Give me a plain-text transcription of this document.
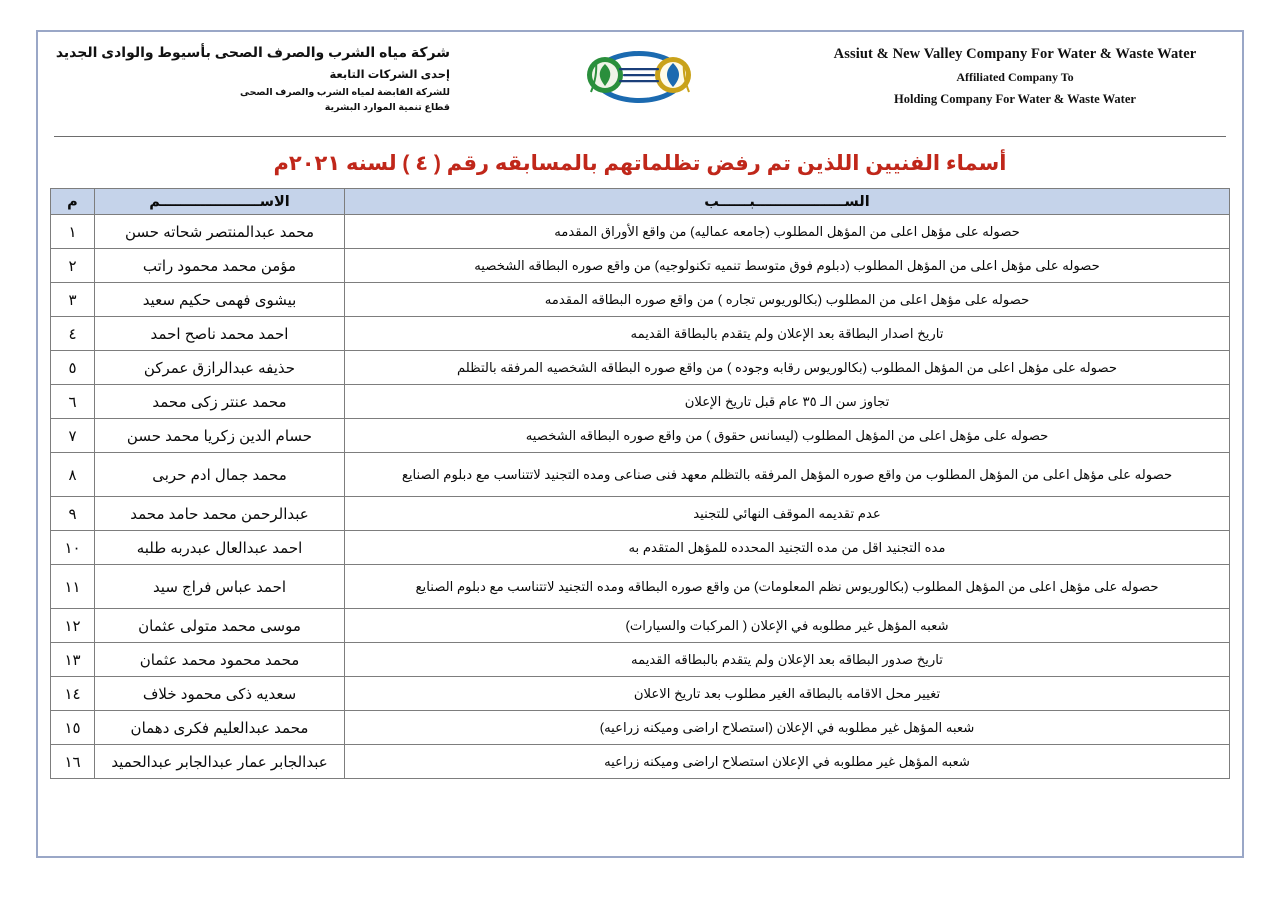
Assiut & New Valley Company For Water & Waste Water
Affiliated Company To
Holding Company For Water & Waste Water
شركة مياه الشرب والصرف الصحى بأسيوط والوادى الجديد
إحدى الشركات التابعة
للشركة القابضة لمياه الشرب والصرف الصحى
قطاع تنمية الموارد البشرية
أسماء الفنيين اللذين تم رفض تظلماتهم بالمسابقه رقم ( ٤ ) لسنه ٢٠٢١م
الســــــــــــــــــبــــــب	الاســــــــــــــــــــم	م
حصوله على مؤهل اعلى من المؤهل المطلوب (جامعه عماليه) من واقع الأوراق المقدمه	محمد عبدالمنتصر شحاته حسن	١
حصوله على مؤهل اعلى من المؤهل المطلوب (دبلوم فوق متوسط تنميه تكنولوجيه) من واقع صوره البطاقه الشخصيه	مؤمن محمد محمود راتب	٢
حصوله على مؤهل اعلى من المطلوب (بكالوريوس تجاره ) من واقع صوره البطاقه المقدمه	بيشوى فهمى حكيم سعيد	٣
تاريخ اصدار البطاقة بعد الإعلان ولم يتقدم بالبطاقة القديمه	احمد محمد ناصح احمد	٤
حصوله على مؤهل اعلى من المؤهل المطلوب (بكالوريوس رقابه وجوده ) من واقع صوره البطاقه الشخصيه المرفقه بالتظلم	حذيفه عبدالرازق عمركن	٥
تجاوز سن الـ ٣٥ عام قبل تاريخ الإعلان	محمد عنتر زكى محمد	٦
حصوله على مؤهل اعلى من المؤهل المطلوب (ليسانس حقوق ) من واقع صوره البطاقه الشخصيه	حسام الدين زكريا محمد حسن	٧
حصوله على مؤهل اعلى من المؤهل المطلوب من واقع صوره المؤهل المرفقه بالتظلم معهد فنى صناعى ومده التجنيد لاتتناسب مع دبلوم الصنايع	محمد جمال ادم حربى	٨
عدم تقديمه الموقف النهائي للتجنيد	عبدالرحمن محمد حامد محمد	٩
مده التجنيد اقل من مده التجنيد المحدده للمؤهل المتقدم به	احمد عبدالعال عبدربه طلبه	١٠
حصوله على مؤهل اعلى من المؤهل المطلوب (بكالوريوس نظم المعلومات) من واقع صوره البطاقه ومده التجنيد لاتتناسب مع دبلوم الصنايع	احمد عباس فراج سيد	١١
شعبه المؤهل غير مطلوبه في الإعلان ( المركبات والسيارات)	موسى محمد متولى عثمان	١٢
تاريخ صدور البطاقه بعد الإعلان ولم يتقدم بالبطاقه القديمه	محمد محمود محمد عثمان	١٣
تغيير محل الاقامه بالبطاقه الغير مطلوب بعد تاريخ الاعلان	سعديه ذكى محمود خلاف	١٤
شعبه المؤهل غير مطلوبه في الإعلان (استصلاح اراضى وميكنه زراعيه)	محمد عبدالعليم فكرى دهمان	١٥
شعبه المؤهل غير مطلوبه في الإعلان استصلاح اراضى وميكنه زراعيه	عبدالجابر عمار عبدالجابر عبدالحميد	١٦
